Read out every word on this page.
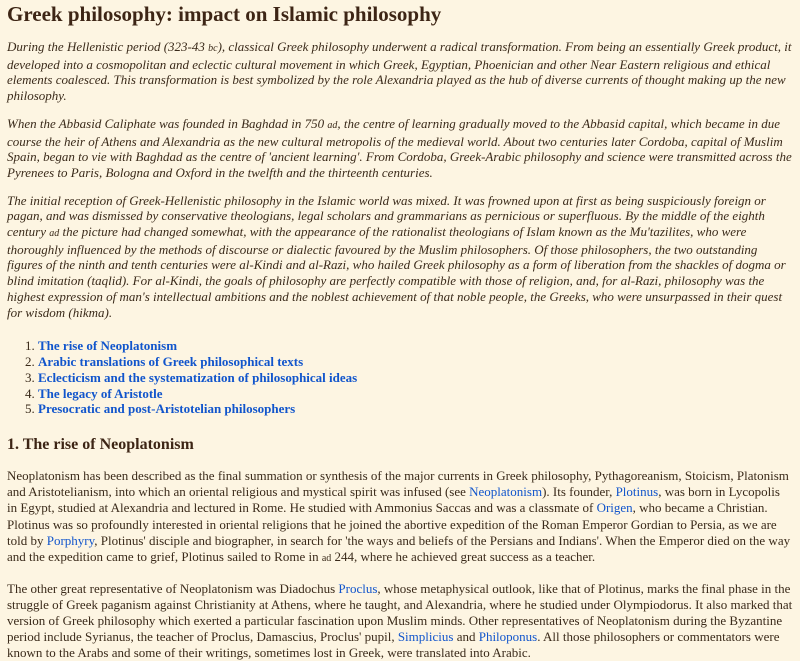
Greek philosophy: impact on Islamic philosophy

During the Hellenistic period (323-43 bc), classical Greek philosophy underwent a radical transformation. From being an essentially Greek product, it developed into a cosmopolitan and eclectic cultural movement in which Greek, Egyptian, Phoenician and other Near Eastern religious and ethical elements coalesced. This transformation is best symbolized by the role Alexandria played as the hub of diverse currents of thought making up the new philosophy.

When the Abbasid Caliphate was founded in Baghdad in 750 ad, the centre of learning gradually moved to the Abbasid capital, which became in due course the heir of Athens and Alexandria as the new cultural metropolis of the medieval world. About two centuries later Cordoba, capital of Muslim Spain, began to vie with Baghdad as the centre of 'ancient learning'. From Cordoba, Greek-Arabic philosophy and science were transmitted across the Pyrenees to Paris, Bologna and Oxford in the twelfth and the thirteenth centuries.

The initial reception of Greek-Hellenistic philosophy in the Islamic world was mixed. It was frowned upon at first as being suspiciously foreign or pagan, and was dismissed by conservative theologians, legal scholars and grammarians as pernicious or superfluous. By the middle of the eighth century ad the picture had changed somewhat, with the appearance of the rationalist theologians of Islam known as the Mu'tazilites, who were thoroughly influenced by the methods of discourse or dialectic favoured by the Muslim philosophers. Of those philosophers, the two outstanding figures of the ninth and tenth centuries were al-Kindi and al-Razi, who hailed Greek philosophy as a form of liberation from the shackles of dogma or blind imitation (taqlid). For al-Kindi, the goals of philosophy are perfectly compatible with those of religion, and, for al-Razi, philosophy was the highest expression of man's intellectual ambitions and the noblest achievement of that noble people, the Greeks, who were unsurpassed in their quest for wisdom (hikma).

1. The rise of Neoplatonism
2. Arabic translations of Greek philosophical texts
3. Eclecticism and the systematization of philosophical ideas
4. The legacy of Aristotle
5. Presocratic and post-Aristotelian philosophers
1. The rise of Neoplatonism

Neoplatonism has been described as the final summation or synthesis of the major currents in Greek philosophy, Pythagoreanism, Stoicism, Platonism and Aristotelianism, into which an oriental religious and mystical spirit was infused (see Neoplatonism). Its founder, Plotinus, was born in Lycopolis in Egypt, studied at Alexandria and lectured in Rome. He studied with Ammonius Saccas and was a classmate of Origen, who became a Christian. Plotinus was so profoundly interested in oriental religions that he joined the abortive expedition of the Roman Emperor Gordian to Persia, as we are told by Porphyry, Plotinus' disciple and biographer, in search for 'the ways and beliefs of the Persians and Indians'. When the Emperor died on the way and the expedition came to grief, Plotinus sailed to Rome in ad 244, where he achieved great success as a teacher.

The other great representative of Neoplatonism was Diadochus Proclus, whose metaphysical outlook, like that of Plotinus, marks the final phase in the struggle of Greek paganism against Christianity at Athens, where he taught, and Alexandria, where he studied under Olympiodorus. It also marked that version of Greek philosophy which exerted a particular fascination upon Muslim minds. Other representatives of Neoplatonism during the Byzantine period include Syrianus, the teacher of Proclus, Damascius, Proclus' pupil, Simplicius and Philoponus. All those philosophers or commentators were known to the Arabs and some of their writings, sometimes lost in Greek, were translated into Arabic.
